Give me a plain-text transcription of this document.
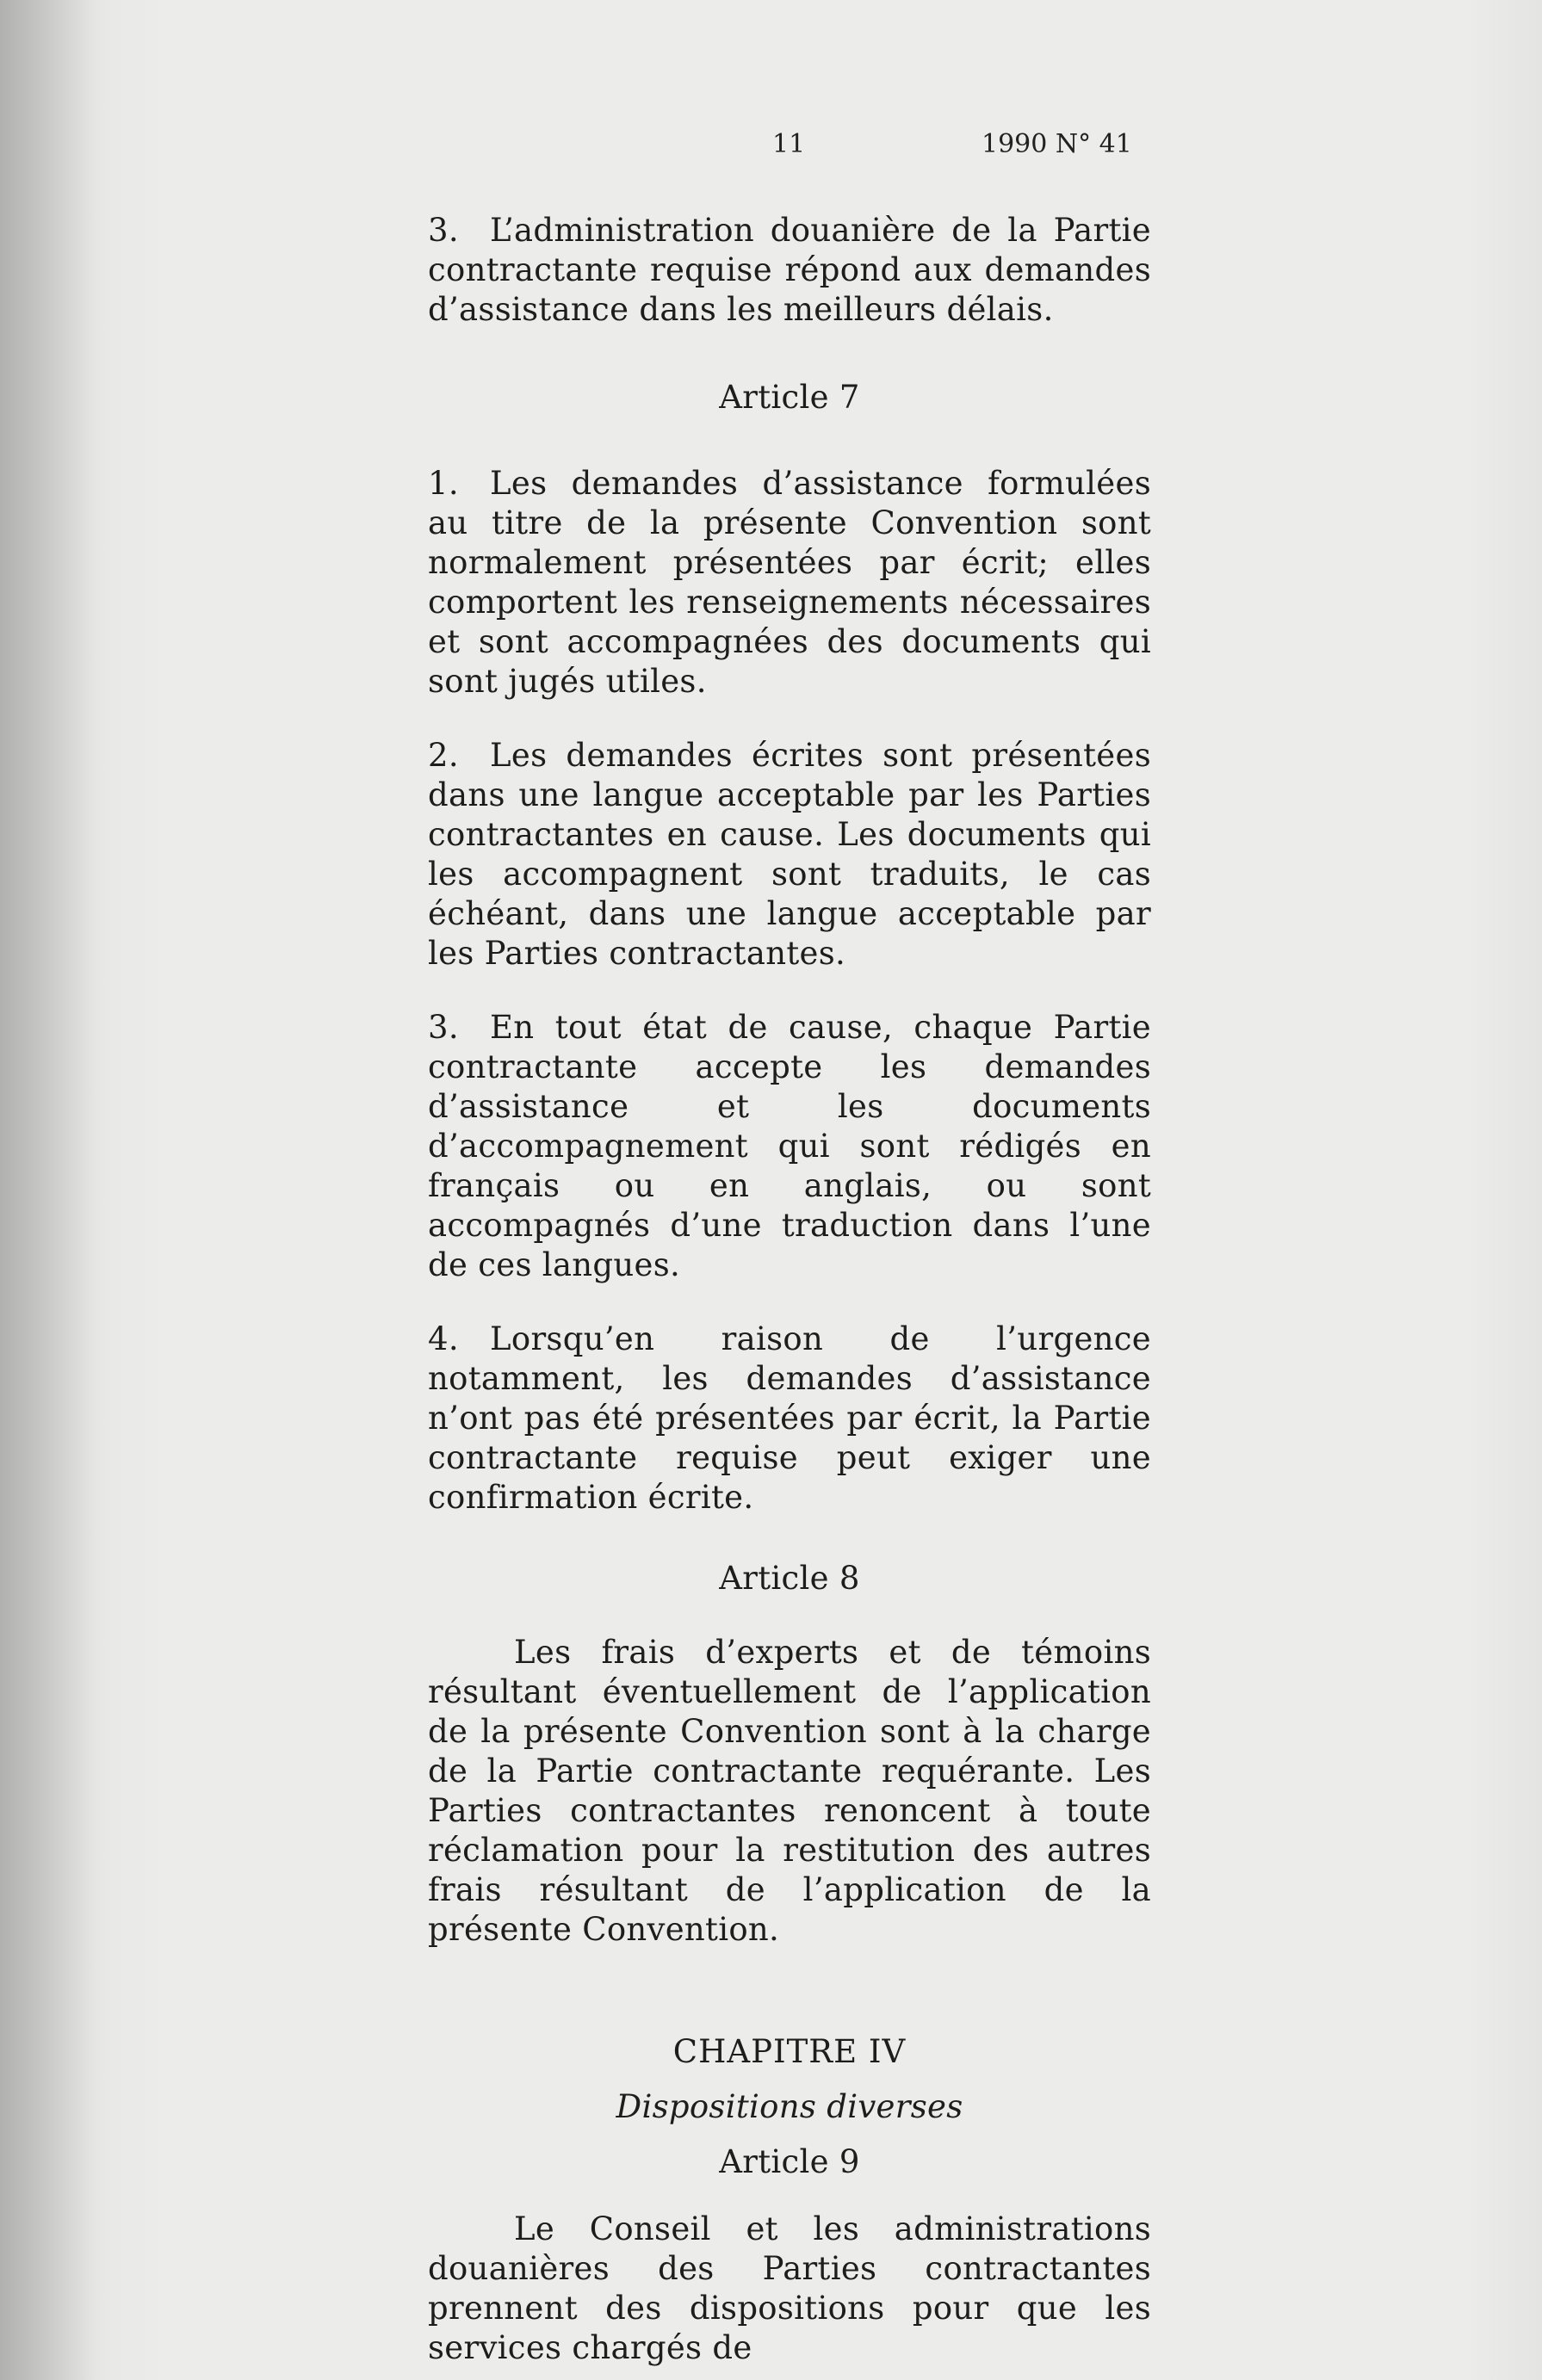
11	1990 N° 41

3. L’administration douanière de la Partie contractante requise répond aux demandes d’assistance dans les meilleurs délais.

Article 7

1. Les demandes d’assistance formulées au titre de la présente Convention sont normalement présentées par écrit; elles comportent les renseignements nécessaires et sont accompagnées des documents qui sont jugés utiles.

2. Les demandes écrites sont présentées dans une langue acceptable par les Parties contractantes en cause. Les documents qui les accompagnent sont traduits, le cas échéant, dans une langue acceptable par les Parties contractantes.

3. En tout état de cause, chaque Partie contractante accepte les demandes d’assistance et les documents d’accompagnement qui sont rédigés en français ou en anglais, ou sont accompagnés d’une traduction dans l’une de ces langues.

4. Lorsqu’en raison de l’urgence notamment, les demandes d’assistance n’ont pas été présentées par écrit, la Partie contractante requise peut exiger une confirmation écrite.

Article 8

Les frais d’experts et de témoins résultant éventuellement de l’application de la présente Convention sont à la charge de la Partie contractante requérante. Les Parties contractantes renoncent à toute réclamation pour la restitution des autres frais résultant de l’application de la présente Convention.

CHAPITRE IV

Dispositions diverses

Article 9

Le Conseil et les administrations douanières des Parties contractantes prennent des dispositions pour que les services chargés de
